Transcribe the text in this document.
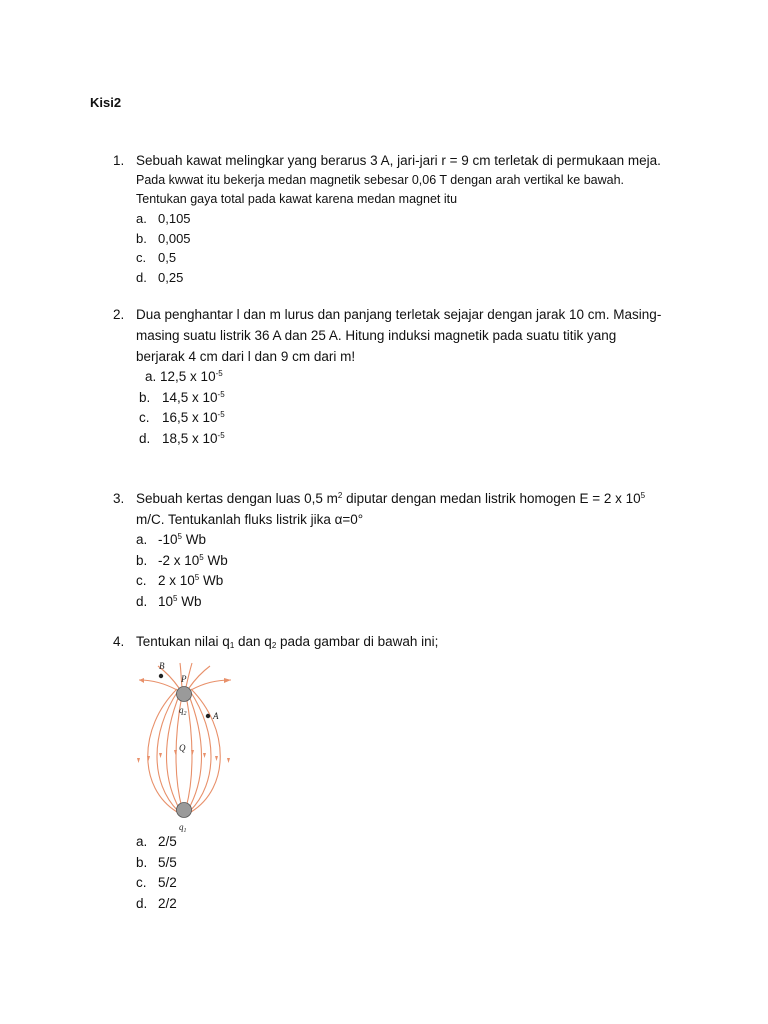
Kisi2
1. Sebuah kawat melingkar yang berarus 3 A, jari-jari r = 9 cm terletak di permukaan meja.
Pada kwwat itu bekerja medan magnetik sebesar 0,06 T dengan arah vertikal ke bawah.
Tentukan gaya total pada kawat karena medan magnet itu
a. 0,105
b. 0,005
c. 0,5
d. 0,25
2. Dua penghantar l dan m lurus dan panjang terletak sejajar dengan jarak 10 cm. Masing-
masing suatu listrik 36 A dan 25 A. Hitung induksi magnetik pada suatu titik yang
berjarak 4 cm dari l dan 9 cm dari m!
a. 12,5 x $10^{-5}$
b. 14,5 x $10^{-5}$
c. 16,5 x $10^{-5}$
d. 18,5 x $10^{-5}$
3. Sebuah kertas dengan luas 0,5 $m^2$ diputar dengan medan listrik homogen E = 2 x $10^5$
m/C. Tentukanlah fluks listrik jika α=0°
a. $-10^5$ Wb
b. -2 x $10^5$ Wb
c. 2 x $10^5$ Wb
d. $10^5$ Wb
4. Tentukan nilai $q_1$ dan $q_2$ pada gambar di bawah ini;
B
P
$q_2$	A
Q
$q_1$
a. 2/5
b. 5/5
c. 5/2
d. 2/2
